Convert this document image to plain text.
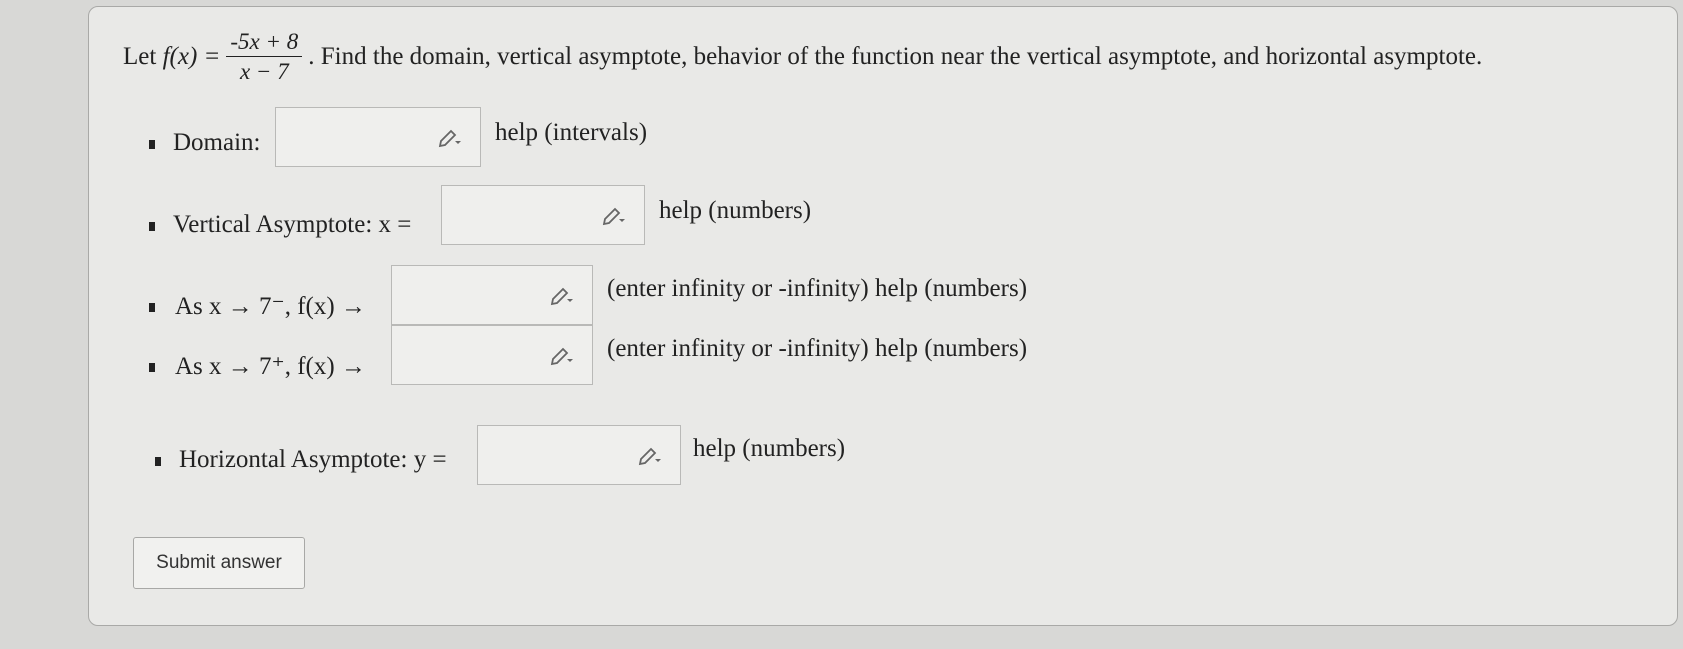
Let
$f(x) = \frac{-5x + 8}{x - 7}$ . Find the domain, vertical asymptote, behavior of the function near the vertical asymptote, and horizontal asymptote.
Domain:	help (intervals)
Vertical Asymptote: x =
help (numbers)
As x → 7⁻, f(x) →
(enter infinity or -infinity) help (numbers)
As x → 7⁺, f(x) →
(enter infinity or -infinity) help (numbers)
Horizontal Asymptote: y =	help (numbers)
Submit answer
